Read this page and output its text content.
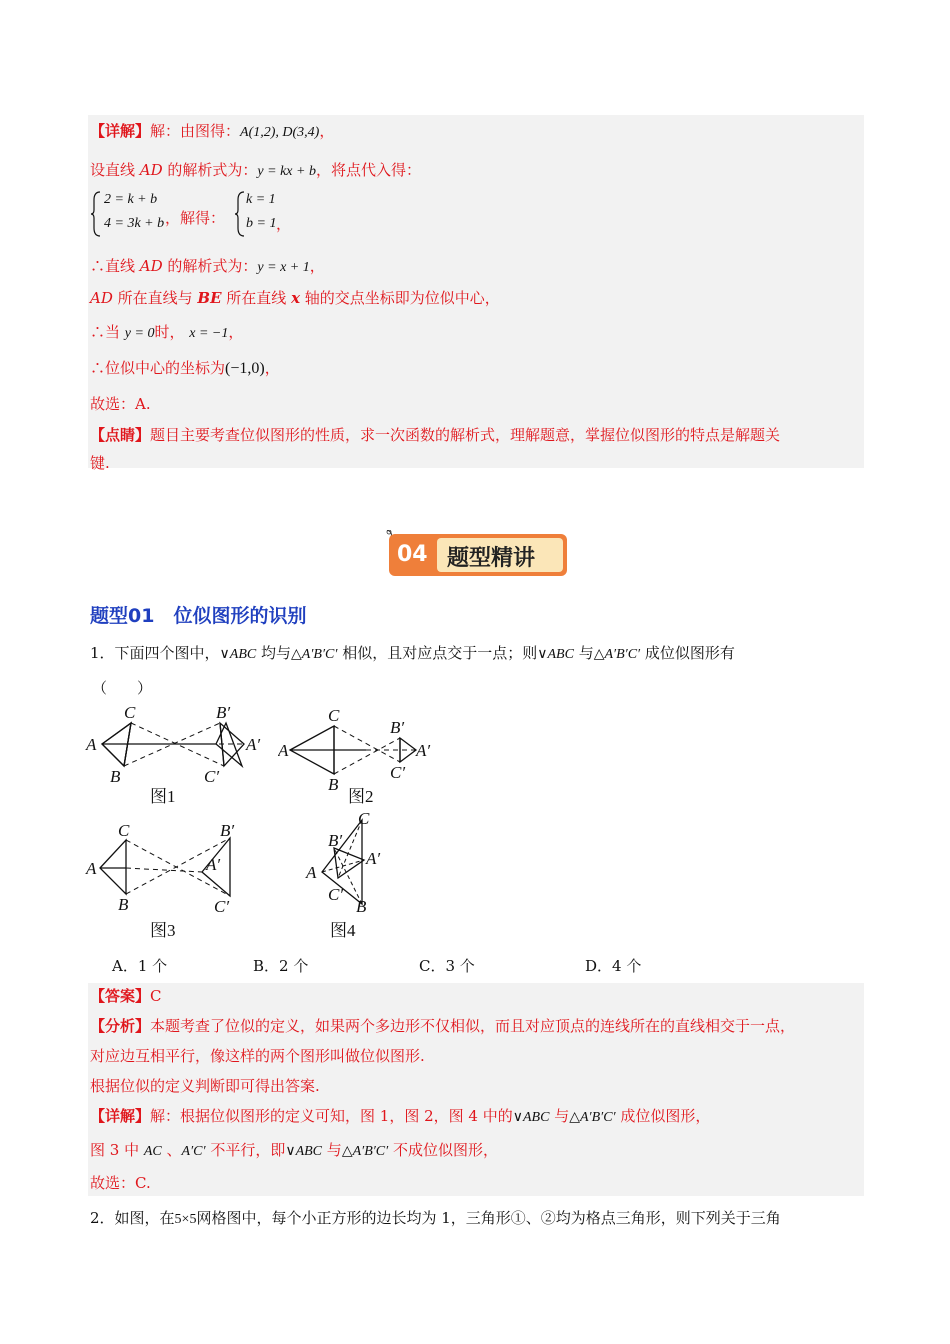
【详解】解：由图得：A(1,2), D(3,4)，
设直线 AD 的解析式为：y = kx + b，将点代入得：
2 = k + b
4 = 3k + b ，解得：
k = 1
b = 1 ，
∴直线 AD 的解析式为：y = x + 1，
AD 所在直线与 BE 所在直线 x 轴的交点坐标即为位似中心，
∴当 y = 0时， x = −1，
∴位似中心的坐标为(−1,0)，
故选：A.
【点睛】题目主要考查位似图形的性质，求一次函数的解析式，理解题意，掌握位似图形的特点是解题关
键.
04 题型精讲
题型01　位似图形的识别
1．下面四个图中，∨ABC 均与△A′B′C′ 相似，且对应点交于一点；则∨ABC 与△A′B′C′ 成位似图形有
（　　）
A
C
B
B′
A′
C′
图1
A
C
B
B′
A′
C′
图2
A
C
B
B′
A′
C′
图3
A
C
B
B′
A′
C′
图4
A．1 个	B．2 个	C．3 个	D．4 个
【答案】C
【分析】本题考查了位似的定义，如果两个多边形不仅相似，而且对应顶点的连线所在的直线相交于一点，
对应边互相平行，像这样的两个图形叫做位似图形.
根据位似的定义判断即可得出答案.
【详解】解：根据位似图形的定义可知，图 1，图 2，图 4 中的∨ABC 与△A′B′C′ 成位似图形，
图 3 中 AC 、A′C′ 不平行，即∨ABC 与△A′B′C′ 不成位似图形，
故选：C.
2．如图，在5×5网格图中，每个小正方形的边长均为 1，三角形①、②均为格点三角形，则下列关于三角
